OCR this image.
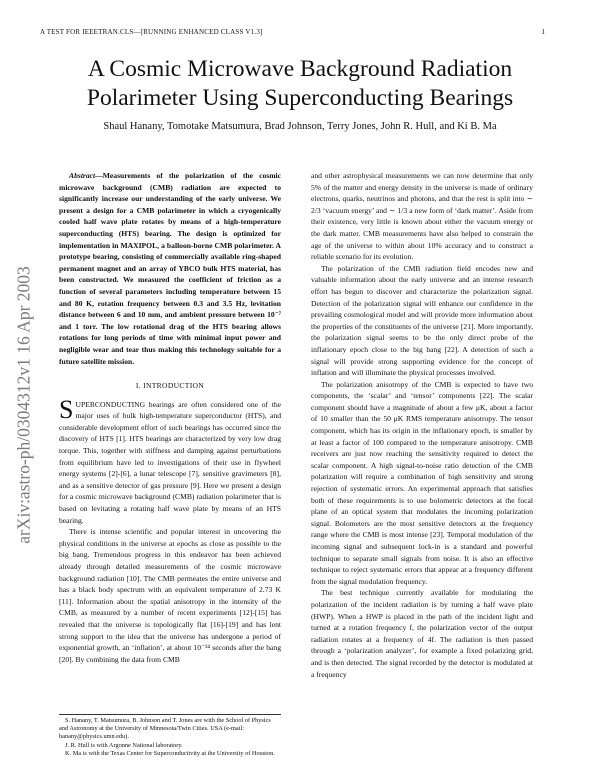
A TEST FOR IEEETRAN.CLS—[RUNNING ENHANCED CLASS V1.3]	1
A Cosmic Microwave Background Radiation
Polarimeter Using Superconducting Bearings
Shaul Hanany, Tomotake Matsumura, Brad Johnson, Terry Jones, John R. Hull, and Ki B. Ma
arXiv:astro-ph/0304312v1 16 Apr 2003

Abstract—Measurements of the polarization of the cosmic microwave background (CMB) radiation are expected to significantly increase our understanding of the early universe. We present a design for a CMB polarimeter in which a cryogenically cooled half wave plate rotates by means of a high-temperature superconducting (HTS) bearing. The design is optimized for implementation in MAXIPOL, a balloon-borne CMB polarimeter. A prototype bearing, consisting of commercially available ring-shaped permanent magnet and an array of YBCO bulk HTS material, has been constructed. We measured the coefficient of friction as a function of several parameters including temperature between 15 and 80 K, rotation frequency between 0.3 and 3.5 Hz, levitation distance between 6 and 10 mm, and ambient pressure between 10⁻⁷ and 1 torr. The low rotational drag of the HTS bearing allows rotations for long periods of time with minimal input power and negligible wear and tear thus making this technology suitable for a future satellite mission.

I. INTRODUCTION

SUPERCONDUCTING bearings are often considered one of the major uses of bulk high-temperature superconductor (HTS), and considerable development effort of such bearings has occurred since the discovery of HTS [1]. HTS bearings are characterized by very low drag torque. This, together with stiffness and damping against perturbations from equilibrium have led to investigations of their use in flywheel energy systems [2]-[6], a lunar telescope [7], sensitive gravimeters [8], and as a sensitive detector of gas pressure [9]. Here we present a design for a cosmic microwave background (CMB) radiation polarimeter that is based on levitating a rotating half wave plate by means of an HTS bearing.

There is intense scientific and popular interest in uncovering the physical conditions in the universe at epochs as close as possible to the big bang. Tremendous progress in this endeavor has been achieved already through detailed measurements of the cosmic microwave background radiation [10]. The CMB permeates the entire universe and has a black body spectrum with an equivalent temperature of 2.73 K [11]. Information about the spatial anisotropy in the intensity of the CMB, as measured by a number of recent experiments [12]-[15] has revealed that the universe is topologically flat [16]-[19] and has lent strong support to the idea that the universe has undergone a period of exponential growth, an ‘inflation’, at about 10⁻³⁴ seconds after the bang [20]. By combining the data from CMB

and other astrophysical measurements we can now determine that only 5% of the matter and energy density in the universe is made of ordinary electrons, quarks, neutrinos and photons, and that the rest is split into ∼ 2/3 ‘vacuum energy’ and ∼ 1/3 a new form of ‘dark matter’. Aside from their existence, very little is known about either the vacuum energy or the dark matter. CMB measurements have also helped to constrain the age of the universe to within about 10% accuracy and to construct a reliable scenario for its evolution.

The polarization of the CMB radiation field encodes new and valuable information about the early universe and an intense research effort has begun to discover and characterize the polarization signal. Detection of the polarization signal will enhance our confidence in the prevailing cosmological model and will provide more information about the properties of the constituents of the universe [21]. More importantly, the polarization signal seems to be the only direct probe of the inflationary epoch close to the big bang [22]. A detection of such a signal will provide strong supporting evidence for the concept of inflation and will illuminate the physical processes involved.

The polarization anisotropy of the CMB is expected to have two components, the ‘scalar’ and ‘tensor’ components [22]. The scalar component should have a magnitude of about a few μK, about a factor of 10 smaller than the 50 μK RMS temperature anisotropy. The tensor component, which has its origin in the inflationary epoch, is smaller by at least a factor of 100 compared to the temperature anisotropy. CMB receivers are just now reaching the sensitivity required to detect the scalar component. A high signal-to-noise ratio detection of the CMB polarization will require a combination of high sensitivity and strong rejection of systematic errors. An experimental approach that satisfies both of these requirements is to use bolometric detectors at the focal plane of an optical system that modulates the incoming polarization signal. Bolometers are the most sensitive detectors at the frequency range where the CMB is most intense [23]. Temporal modulation of the incoming signal and subsequent lock-in is a standard and powerful technique to separate small signals from noise. It is also an effective technique to reject systematic errors that appear at a frequency different from the signal modulation frequency.

The best technique currently available for modulating the polarization of the incident radiation is by turning a half wave plate (HWP). When a HWP is placed in the path of the incident light and turned at a rotation frequency f, the polarization vector of the output radiation rotates at a frequency of 4f. The radiation is then passed through a ‘polarization analyzer’, for example a fixed polarizing grid, and is then detected. The signal recorded by the detector is modulated at a frequency

S. Hanany, T. Matsumura, B. Johnson and T. Jones are with the School of Physics and Astronomy at the University of Minnesota/Twin Cities. USA (e-mail: hanany@physics.umn.edu).
J. R. Hull is with Argonne National laboratory.
K. Ma is with the Texas Center for Superconductivity at the University of Houston.
